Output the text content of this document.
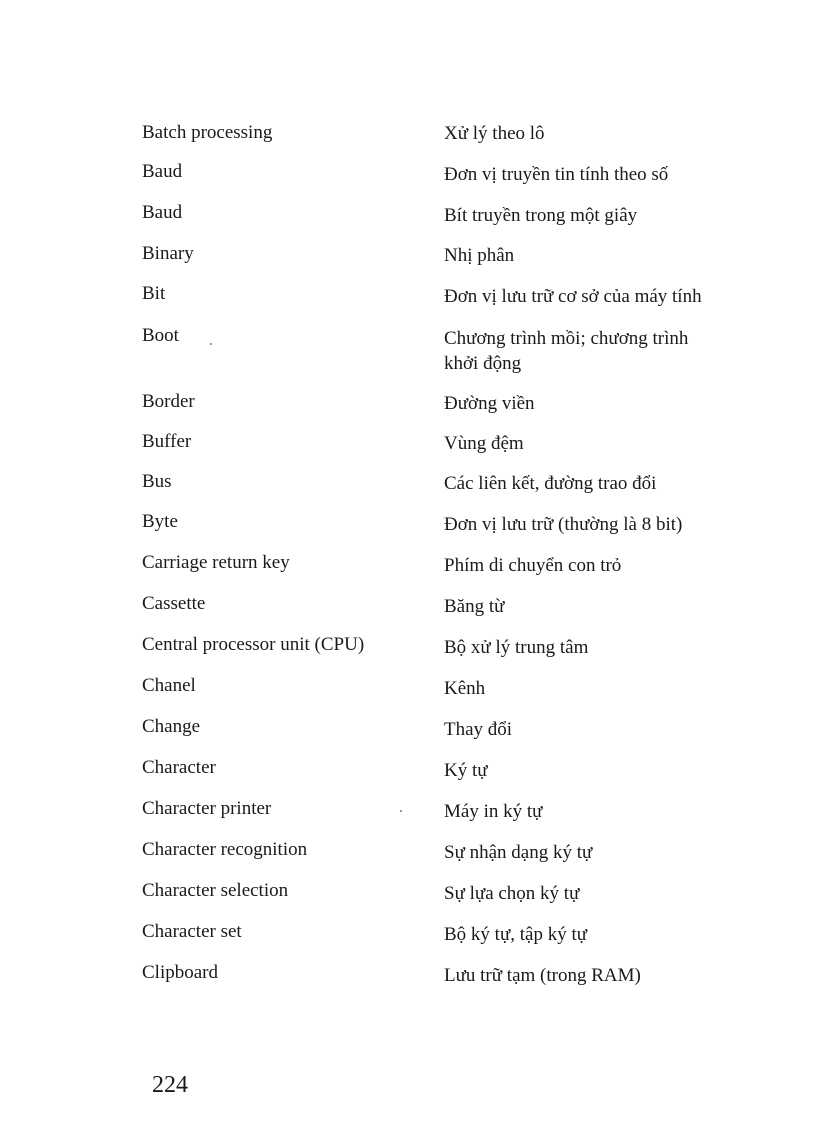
Batch processing	Xử lý theo lô
Baud	Đơn vị truyền tin tính theo số
Baud	Bít truyền trong một giây
Binary	Nhị phân
Bit	Đơn vị lưu trữ cơ sở của máy tính
Boot	Chương trình mồi; chương trình khởi động
Border	Đường viền
Buffer	Vùng đệm
Bus	Các liên kết, đường trao đổi
Byte	Đơn vị lưu trữ (thường là 8 bit)
Carriage return key	Phím di chuyển con trỏ
Cassette	Băng từ
Central processor unit (CPU)	Bộ xử lý trung tâm
Chanel	Kênh
Change	Thay đổi
Character	Ký tự
Character printer	Máy in ký tự
Character recognition	Sự nhận dạng ký tự
Character selection	Sự lựa chọn ký tự
Character set	Bộ ký tự, tập ký tự
Clipboard	Lưu trữ tạm (trong RAM)
224
